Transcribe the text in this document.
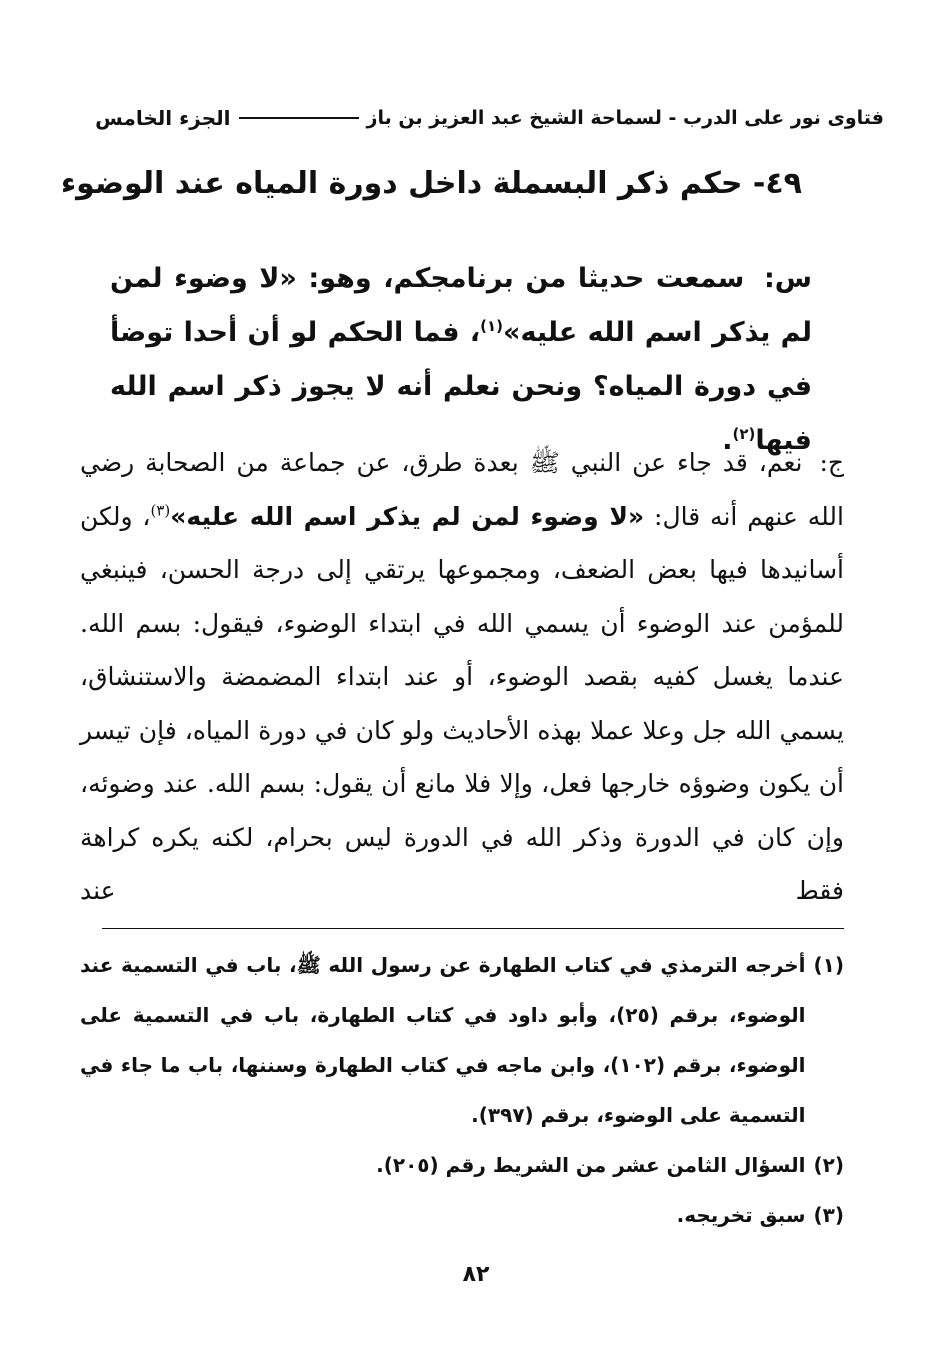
فتاوى نور على الدرب - لسماحة الشيخ عبد العزيز بن باز
الجزء الخامس
٤٩- حكم ذكر البسملة داخل دورة المياه عند الوضوء
س: سمعت حديثا من برنامجكم، وهو: «لا وضوء لمن لم يذكر اسم الله عليه»$^{(١)}$، فما الحكم لو أن أحدا توضأ في دورة المياه؟ ونحن نعلم أنه لا يجوز ذكر اسم الله فيها$^{(٢)}$.
ج: نعم، قد جاء عن النبي ﷺ بعدة طرق، عن جماعة من الصحابة رضي الله عنهم أنه قال: «لا وضوء لمن لم يذكر اسم الله عليه»$^{(٣)}$، ولكن أسانيدها فيها بعض الضعف، ومجموعها يرتقي إلى درجة الحسن، فينبغي للمؤمن عند الوضوء أن يسمي الله في ابتداء الوضوء، فيقول: بسم الله. عندما يغسل كفيه بقصد الوضوء، أو عند ابتداء المضمضة والاستنشاق، يسمي الله جل وعلا عملا بهذه الأحاديث ولو كان في دورة المياه، فإن تيسر أن يكون وضوؤه خارجها فعل، وإلا فلا مانع أن يقول: بسم الله. عند وضوئه، وإن كان في الدورة وذكر الله في الدورة ليس بحرام، لكنه يكره كراهة فقط عند
(١)
أخرجه الترمذي في كتاب الطهارة عن رسول الله ﷺ، باب في التسمية عند الوضوء، برقم (٢٥)، وأبو داود في كتاب الطهارة، باب في التسمية على الوضوء، برقم (١٠٢)، وابن ماجه في كتاب الطهارة وسننها، باب ما جاء في التسمية على الوضوء، برقم (٣٩٧).
(٢)
السؤال الثامن عشر من الشريط رقم (٢٠٥).
(٣)
سبق تخريجه.
٨٢
